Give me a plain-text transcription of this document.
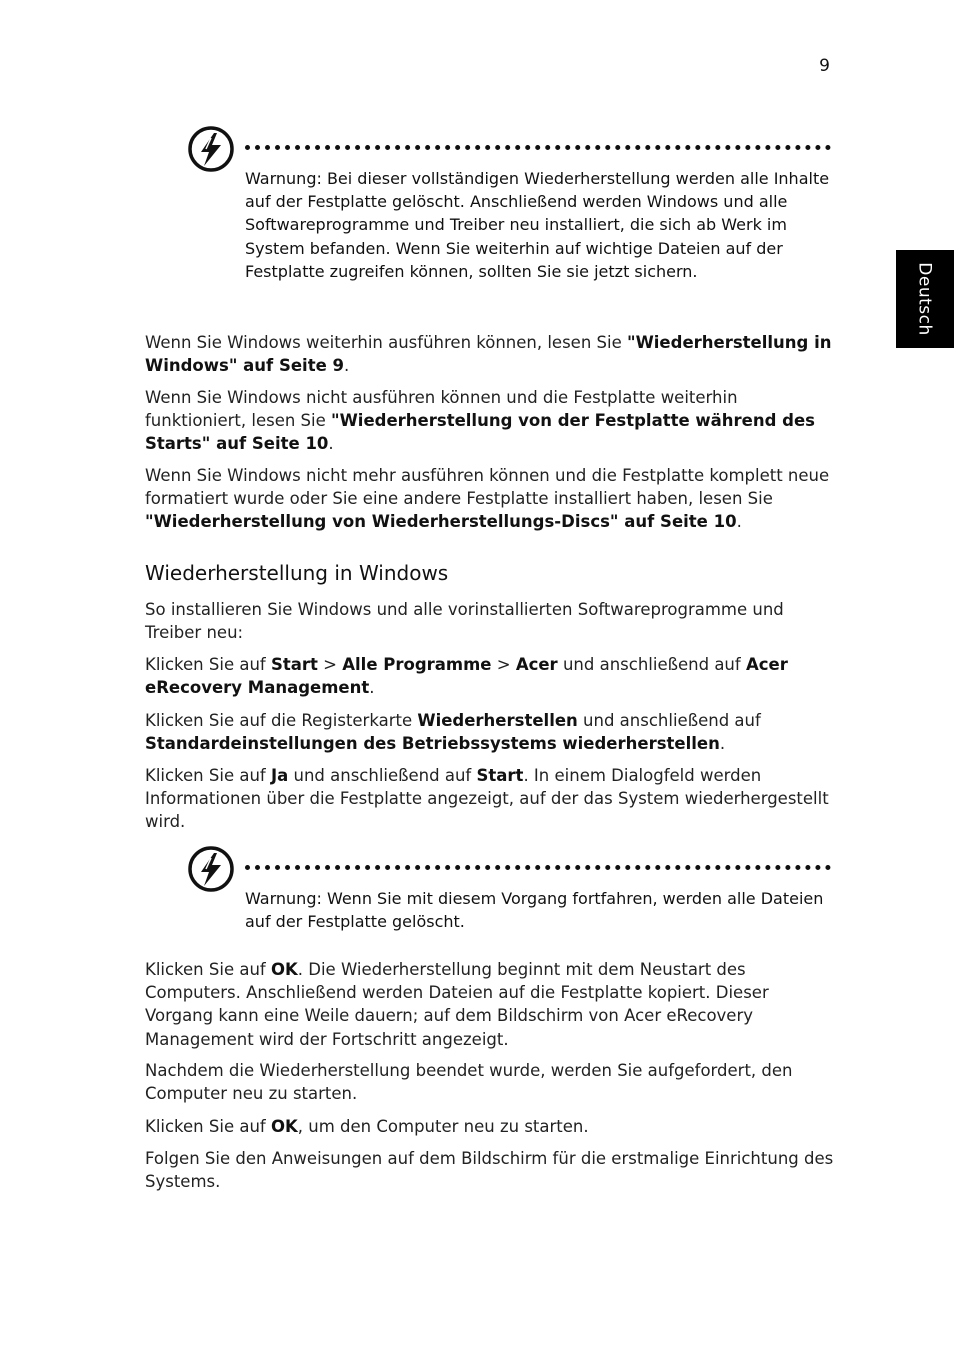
9
Deutsch
Warnung: Bei dieser vollständigen Wiederherstellung werden alle Inhalte auf der Festplatte gelöscht. Anschließend werden Windows und alle Softwareprogramme und Treiber neu installiert, die sich ab Werk im System befanden. Wenn Sie weiterhin auf wichtige Dateien auf der Festplatte zugreifen können, sollten Sie sie jetzt sichern.

Wenn Sie Windows weiterhin ausführen können, lesen Sie "Wiederherstellung in Windows" auf Seite 9.

Wenn Sie Windows nicht ausführen können und die Festplatte weiterhin funktioniert, lesen Sie "Wiederherstellung von der Festplatte während des Starts" auf Seite 10.

Wenn Sie Windows nicht mehr ausführen können und die Festplatte komplett neue formatiert wurde oder Sie eine andere Festplatte installiert haben, lesen Sie "Wiederherstellung von Wiederherstellungs-Discs" auf Seite 10.

Wiederherstellung in Windows

So installieren Sie Windows und alle vorinstallierten Softwareprogramme und Treiber neu:

Klicken Sie auf Start > Alle Programme > Acer und anschließend auf Acer eRecovery Management.

Klicken Sie auf die Registerkarte Wiederherstellen und anschließend auf Standardeinstellungen des Betriebssystems wiederherstellen.

Klicken Sie auf Ja und anschließend auf Start. In einem Dialogfeld werden Informationen über die Festplatte angezeigt, auf der das System wiederhergestellt wird.

Warnung: Wenn Sie mit diesem Vorgang fortfahren, werden alle Dateien auf der Festplatte gelöscht.

Klicken Sie auf OK. Die Wiederherstellung beginnt mit dem Neustart des Computers. Anschließend werden Dateien auf die Festplatte kopiert. Dieser Vorgang kann eine Weile dauern; auf dem Bildschirm von Acer eRecovery Management wird der Fortschritt angezeigt.

Nachdem die Wiederherstellung beendet wurde, werden Sie aufgefordert, den Computer neu zu starten.

Klicken Sie auf OK, um den Computer neu zu starten.

Folgen Sie den Anweisungen auf dem Bildschirm für die erstmalige Einrichtung des Systems.
